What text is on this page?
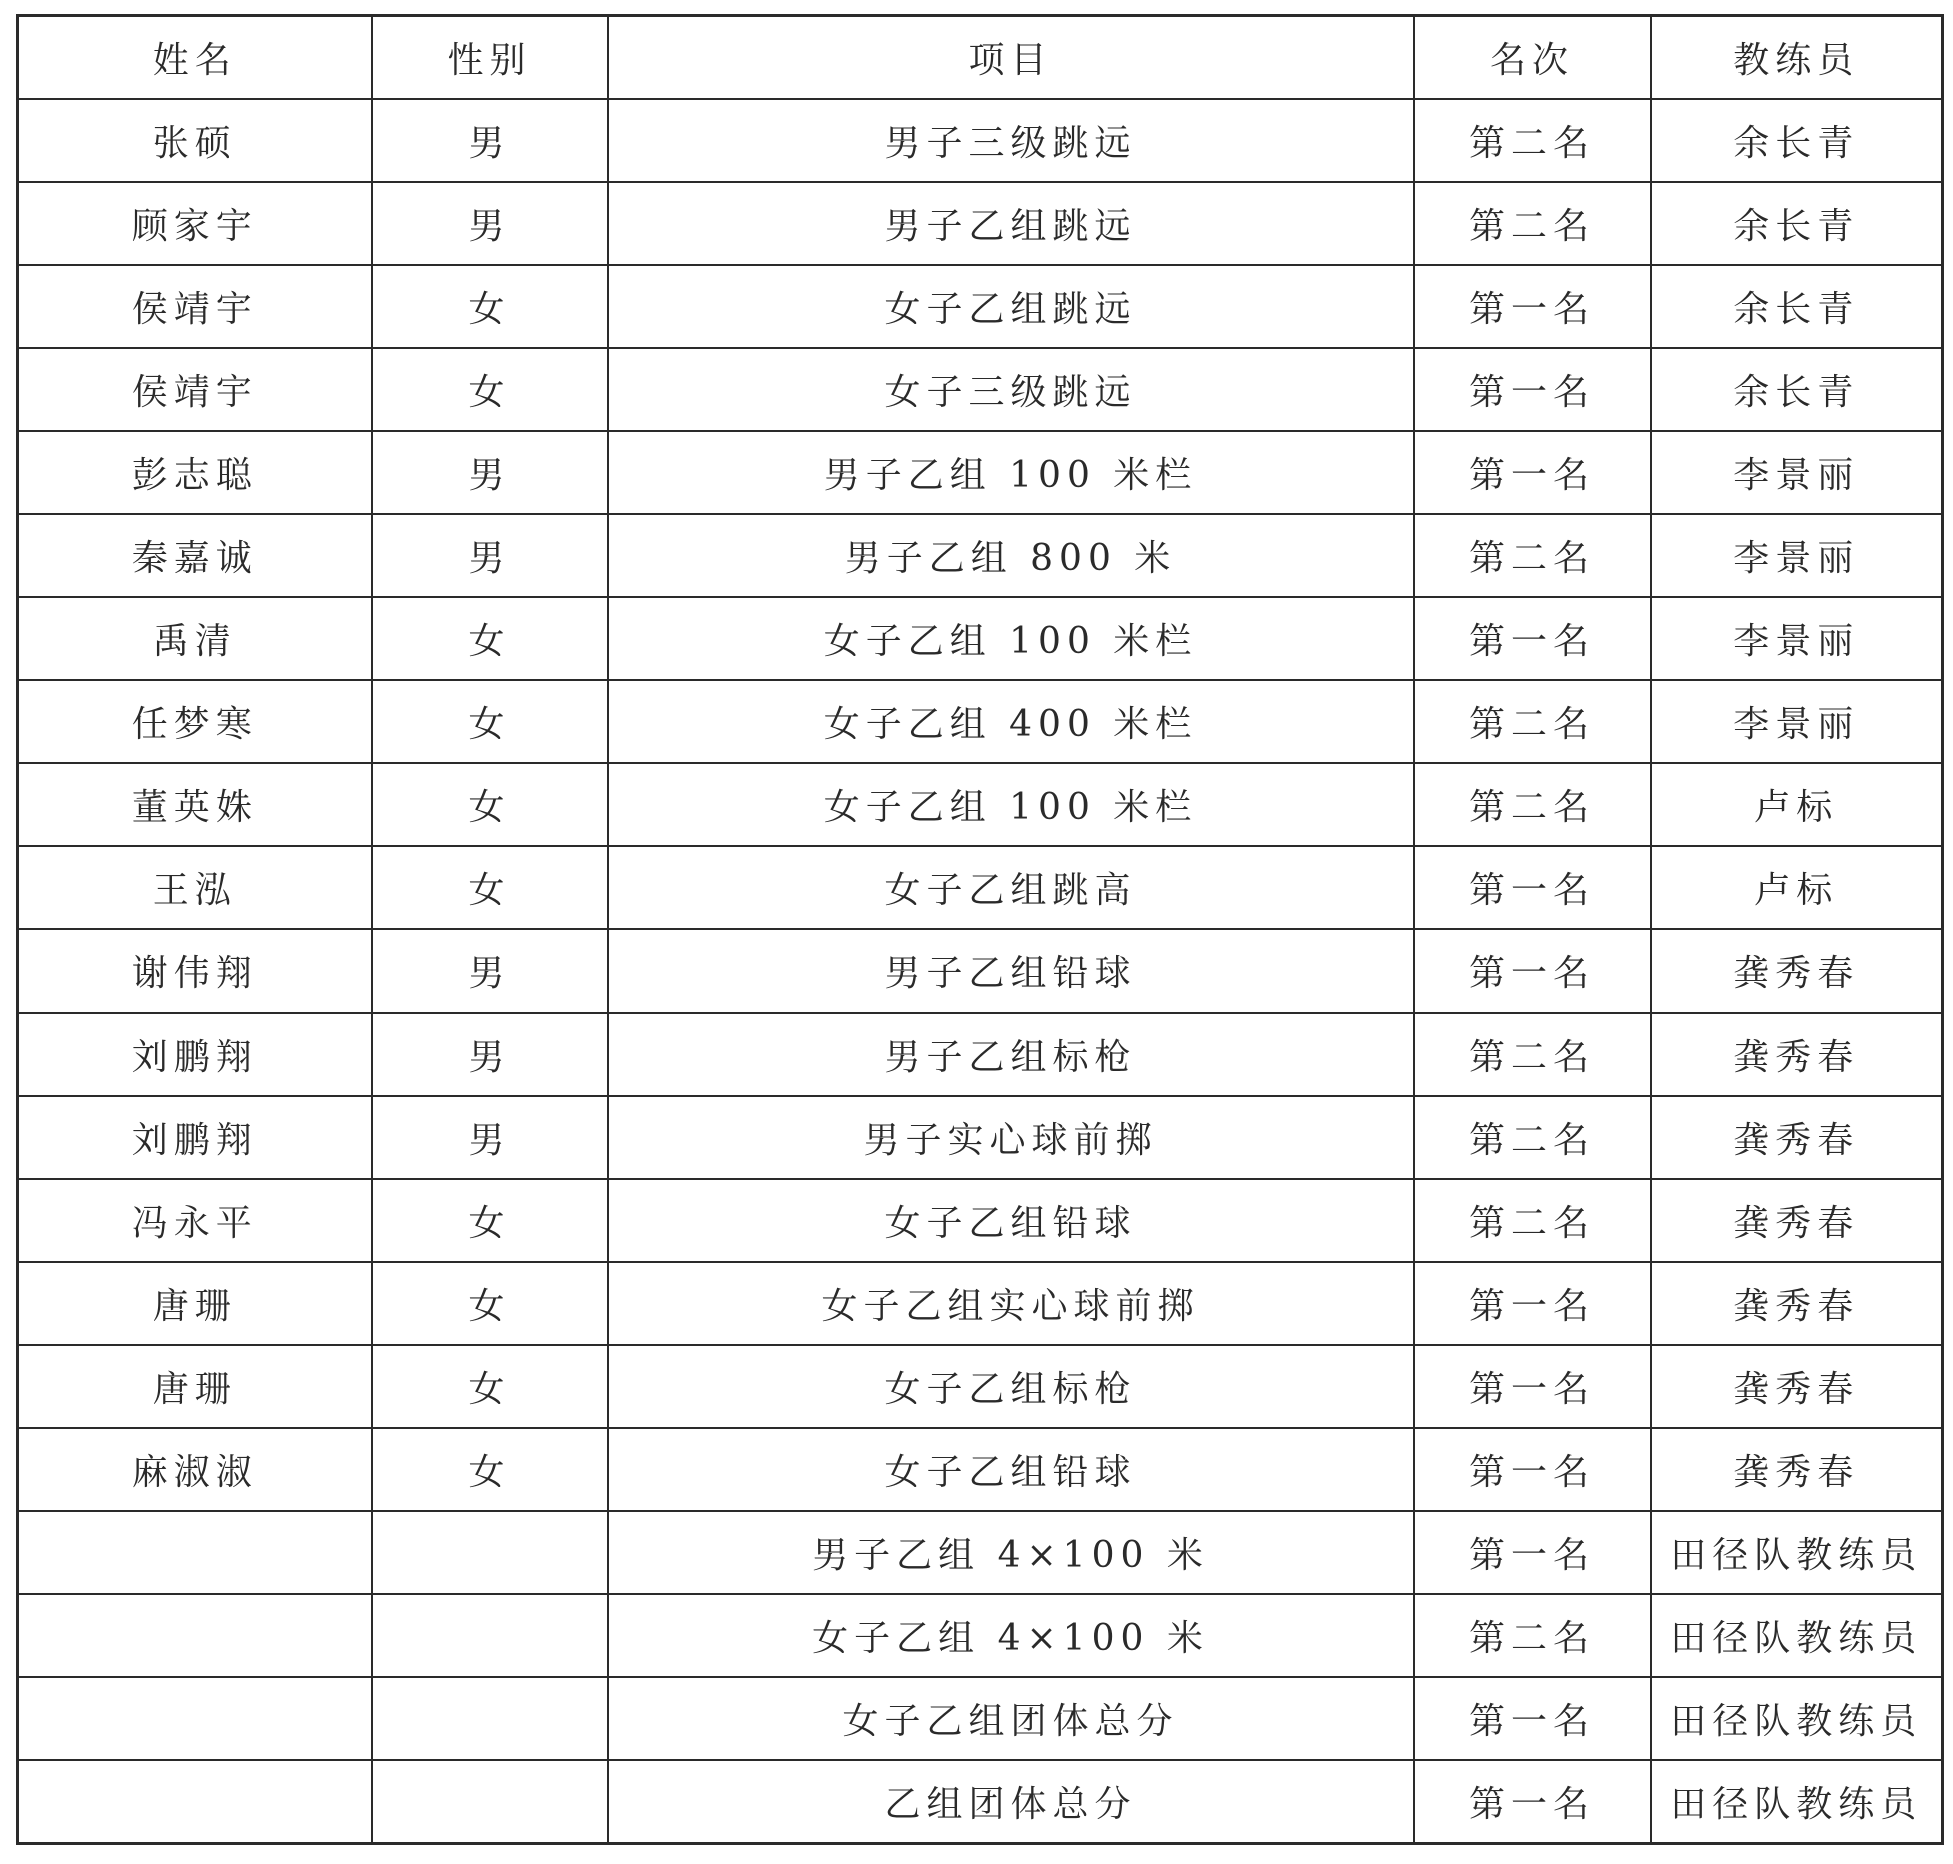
姓名	性别	项目	名次	教练员
张硕	男	男子三级跳远	第二名	余长青
顾家宇	男	男子乙组跳远	第二名	余长青
侯靖宇	女	女子乙组跳远	第一名	余长青
侯靖宇	女	女子三级跳远	第一名	余长青
彭志聪	男	男子乙组 100 米栏	第一名	李景丽
秦嘉诚	男	男子乙组 800 米	第二名	李景丽
禹清	女	女子乙组 100 米栏	第一名	李景丽
任梦寒	女	女子乙组 400 米栏	第二名	李景丽
董英姝	女	女子乙组 100 米栏	第二名	卢标
王泓	女	女子乙组跳高	第一名	卢标
谢伟翔	男	男子乙组铅球	第一名	龚秀春
刘鹏翔	男	男子乙组标枪	第二名	龚秀春
刘鹏翔	男	男子实心球前掷	第二名	龚秀春
冯永平	女	女子乙组铅球	第二名	龚秀春
唐珊	女	女子乙组实心球前掷	第一名	龚秀春
唐珊	女	女子乙组标枪	第一名	龚秀春
麻淑淑	女	女子乙组铅球	第一名	龚秀春
		男子乙组 4×100 米	第一名	田径队教练员
		女子乙组 4×100 米	第二名	田径队教练员
		女子乙组团体总分	第一名	田径队教练员
		乙组团体总分	第一名	田径队教练员
